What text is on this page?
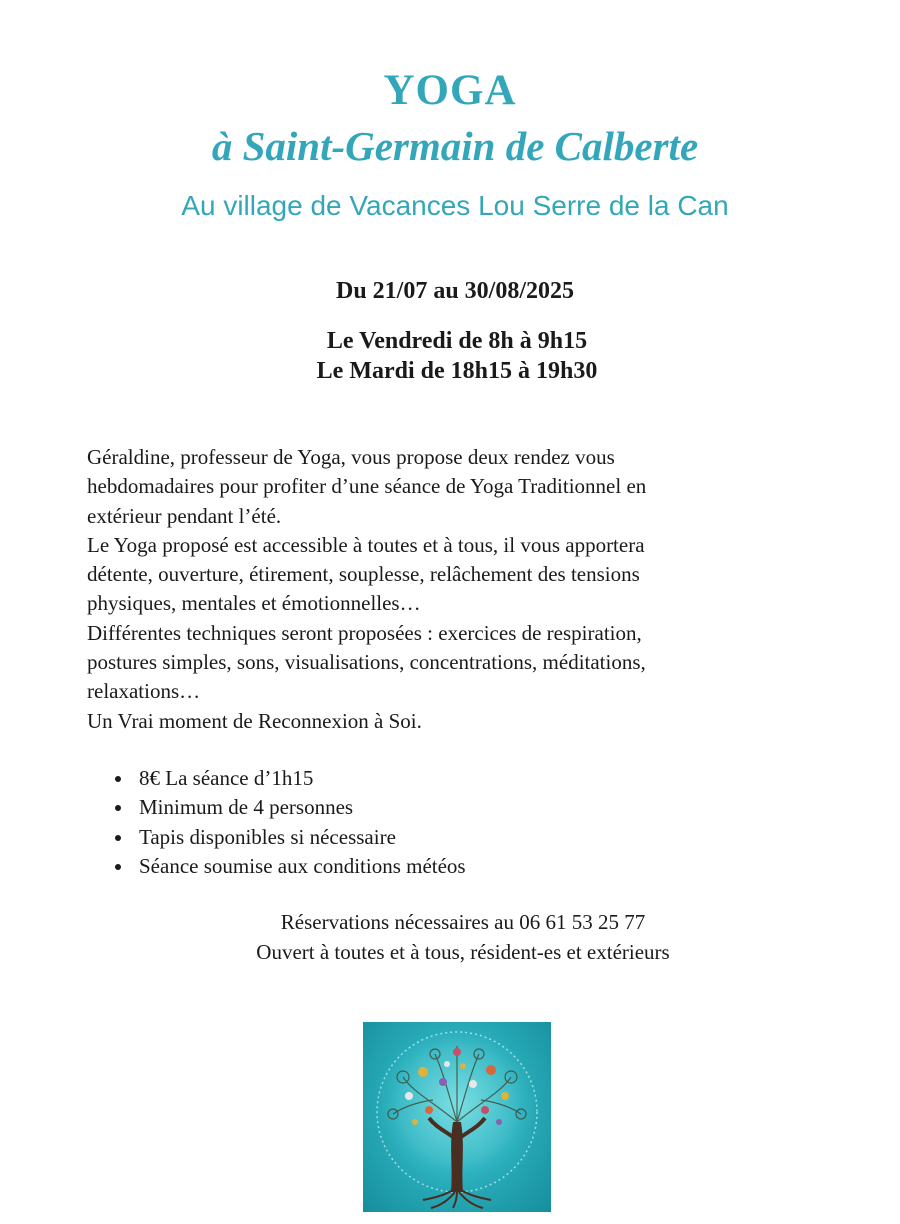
YOGA
à Saint-Germain de Calberte
Au village de Vacances Lou Serre de la Can
Du 21/07 au 30/08/2025
Le Vendredi de 8h à 9h15
Le Mardi de 18h15 à 19h30

Géraldine, professeur de Yoga, vous propose deux rendez vous

hebdomadaires pour profiter d’une séance de Yoga Traditionnel en

extérieur pendant l’été.

Le Yoga proposé est accessible à toutes et à tous, il vous apportera

détente, ouverture, étirement, souplesse, relâchement des tensions

physiques, mentales et émotionnelles…

Différentes techniques seront proposées : exercices de respiration,

postures simples, sons, visualisations, concentrations, méditations,

relaxations…

Un Vrai moment de Reconnexion à Soi.

8€ La séance d’1h15
Minimum de 4 personnes
Tapis disponibles si nécessaire
Séance soumise aux conditions météos
Réservations nécessaires au 06 61 53 25 77
Ouvert à toutes et à tous, résident-es et extérieurs
